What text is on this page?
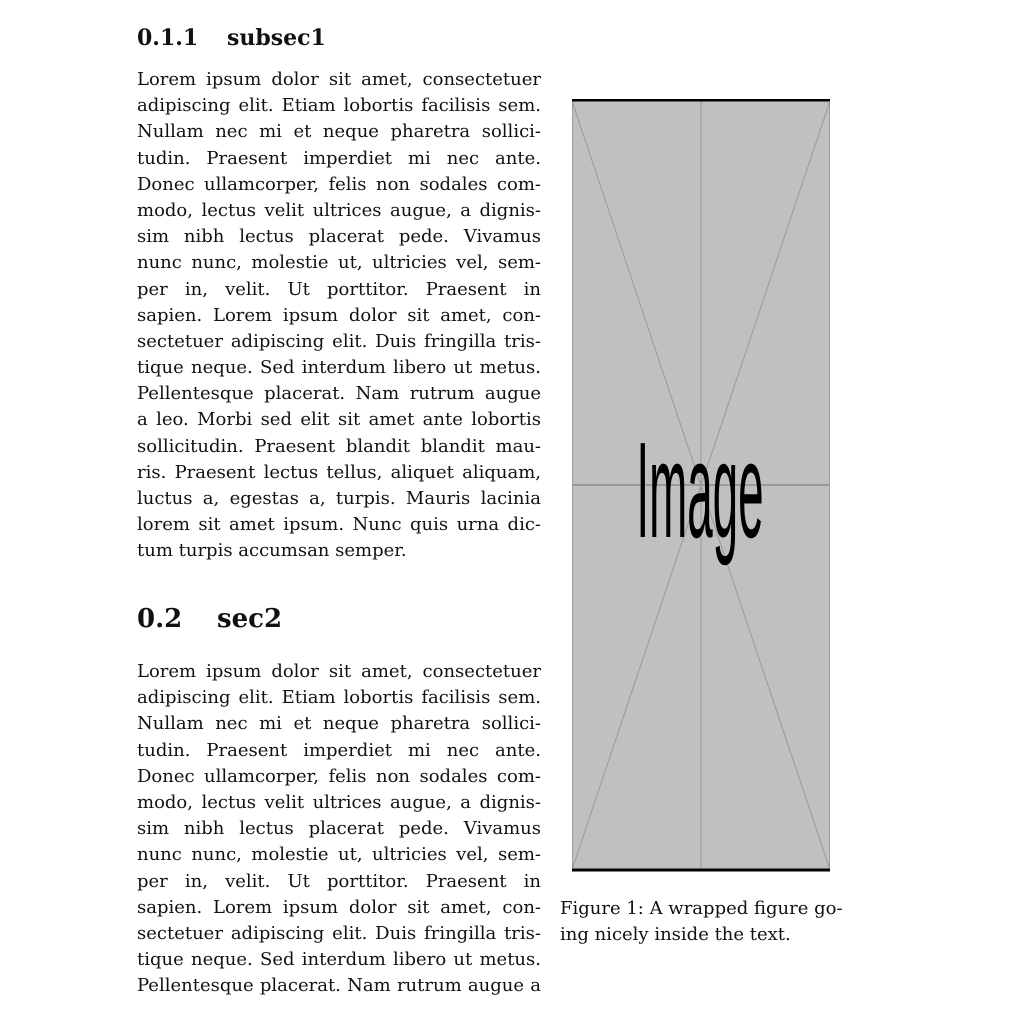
0.1.1 subsec1
Lorem ipsum dolor sit amet, consectetuer
adipiscing elit. Etiam lobortis facilisis sem.
Nullam nec mi et neque pharetra sollici-
tudin. Praesent imperdiet mi nec ante.
Donec ullamcorper, felis non sodales com-
modo, lectus velit ultrices augue, a dignis-
sim nibh lectus placerat pede. Vivamus
nunc nunc, molestie ut, ultricies vel, sem-
per in, velit. Ut porttitor. Praesent in
sapien. Lorem ipsum dolor sit amet, con-
sectetuer adipiscing elit. Duis fringilla tris-
tique neque. Sed interdum libero ut metus.
Pellentesque placerat. Nam rutrum augue
a leo. Morbi sed elit sit amet ante lobortis
sollicitudin. Praesent blandit blandit mau-
ris. Praesent lectus tellus, aliquet aliquam,
luctus a, egestas a, turpis. Mauris lacinia
lorem sit amet ipsum. Nunc quis urna dic-
tum turpis accumsan semper.
0.2 sec2
Lorem ipsum dolor sit amet, consectetuer
adipiscing elit. Etiam lobortis facilisis sem.
Nullam nec mi et neque pharetra sollici-
tudin. Praesent imperdiet mi nec ante.
Donec ullamcorper, felis non sodales com-
modo, lectus velit ultrices augue, a dignis-
sim nibh lectus placerat pede. Vivamus
nunc nunc, molestie ut, ultricies vel, sem-
per in, velit. Ut porttitor. Praesent in
sapien. Lorem ipsum dolor sit amet, con-
sectetuer adipiscing elit. Duis fringilla tris-
tique neque. Sed interdum libero ut metus.
Pellentesque placerat. Nam rutrum augue a
Image
Figure 1: A wrapped figure go-
ing nicely inside the text.
